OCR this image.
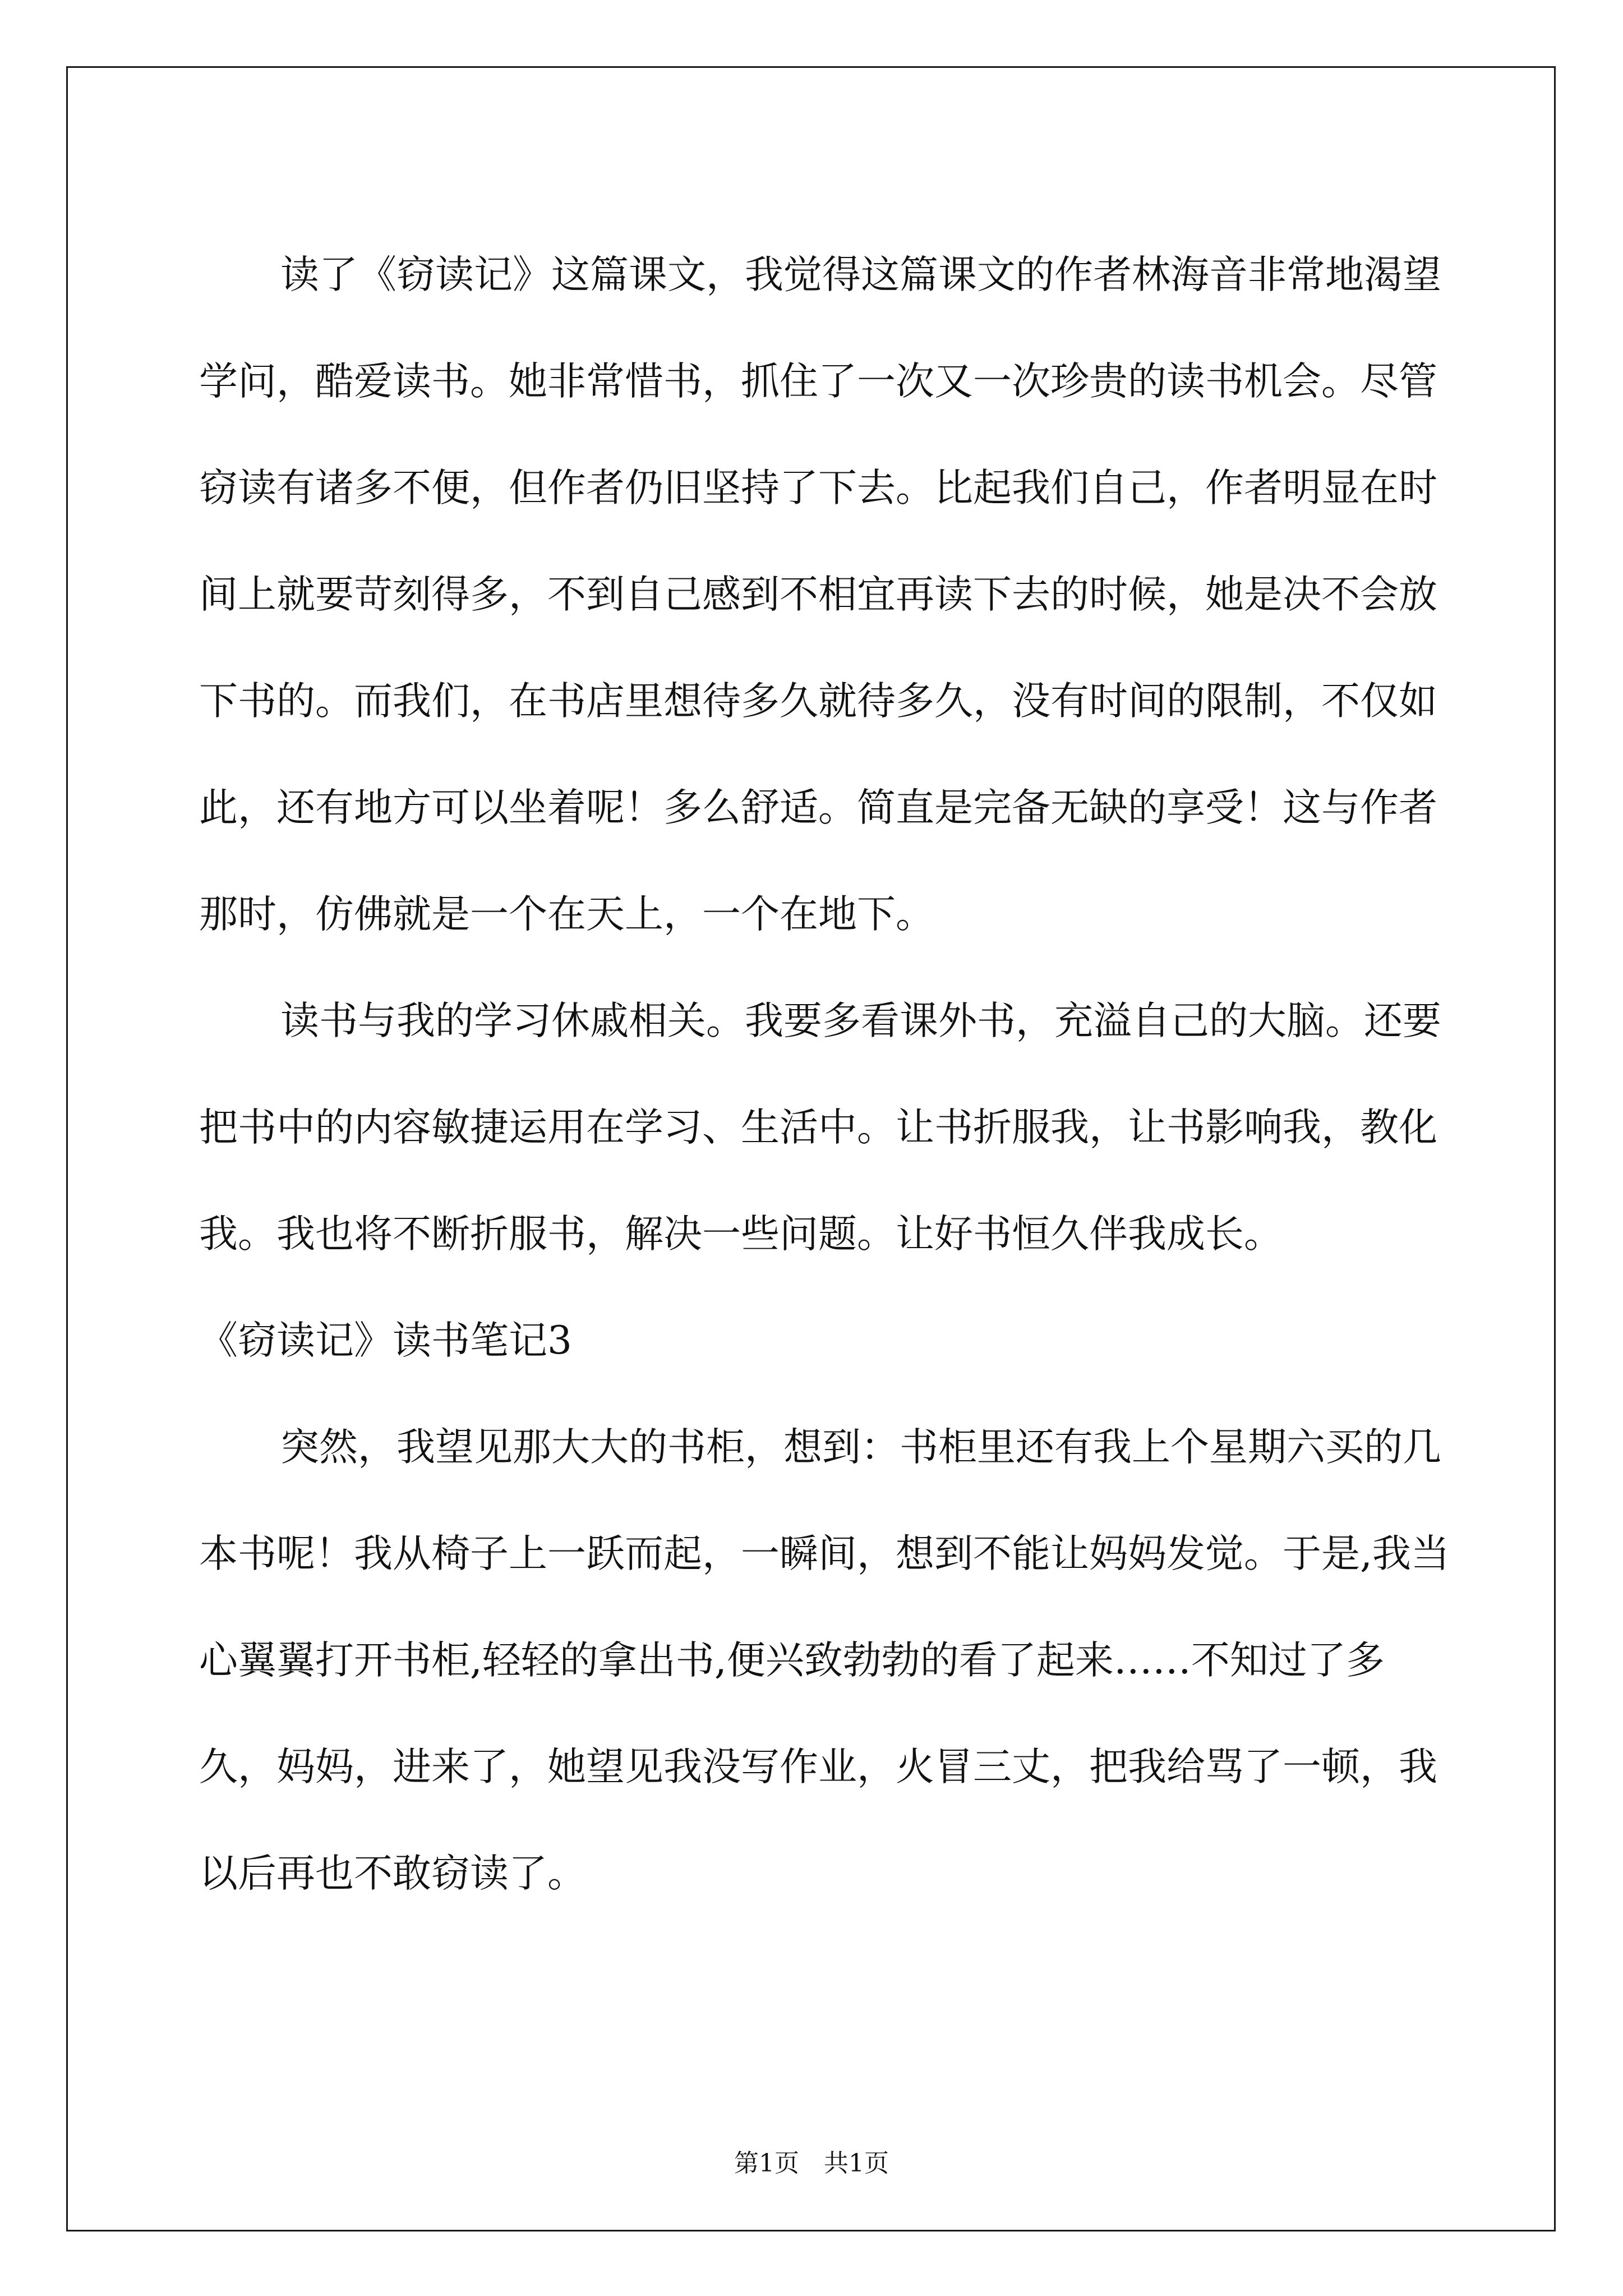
读了《窃读记》这篇课文，我觉得这篇课文的作者林海音非常地渴望学问，酷爱读书。她非常惜书，抓住了一次又一次珍贵的读书机会。尽管窃读有诸多不便，但作者仍旧坚持了下去。比起我们自己，作者明显在时间上就要苛刻得多，不到自己感到不相宜再读下去的时候，她是决不会放下书的。而我们，在书店里想待多久就待多久，没有时间的限制，不仅如此，还有地方可以坐着呢！多么舒适。简直是完备无缺的享受！这与作者那时，仿佛就是一个在天上，一个在地下。

读书与我的学习休戚相关。我要多看课外书，充溢自己的大脑。还要把书中的内容敏捷运用在学习、生活中。让书折服我，让书影响我，教化我。我也将不断折服书，解决一些问题。让好书恒久伴我成长。

《窃读记》读书笔记3

突然，我望见那大大的书柜，想到：书柜里还有我上个星期六买的几本书呢！我从椅子上一跃而起，一瞬间，想到不能让妈妈发觉。于是,我当心翼翼打开书柜,轻轻的拿出书,便兴致勃勃的看了起来……不知过了多久，妈妈，进来了，她望见我没写作业，火冒三丈，把我给骂了一顿，我以后再也不敢窃读了。

第1页 共1页
